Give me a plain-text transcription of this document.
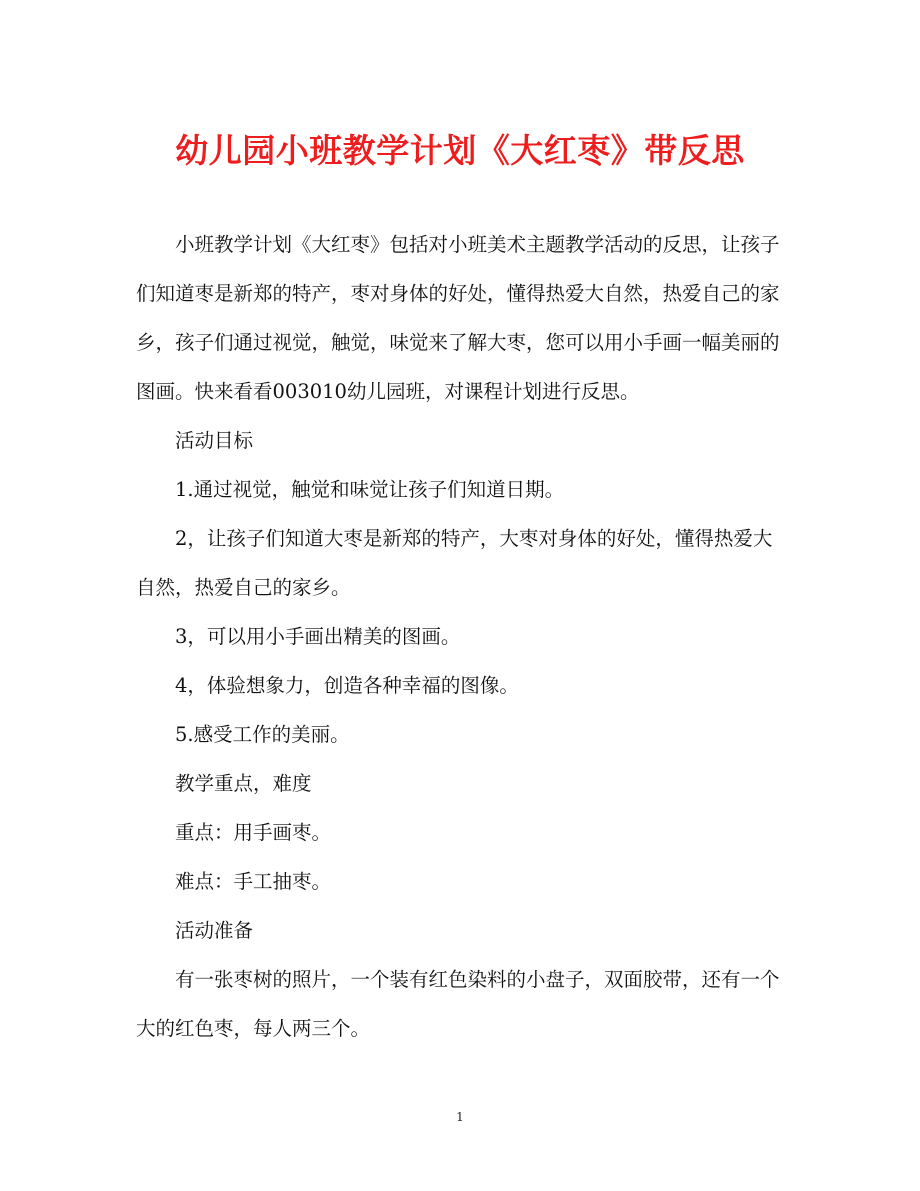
幼儿园小班教学计划《大红枣》带反思

小班教学计划《大红枣》包括对小班美术主题教学活动的反思，让孩子们知道枣是新郑的特产，枣对身体的好处，懂得热爱大自然，热爱自己的家乡，孩子们通过视觉，触觉，味觉来了解大枣，您可以用小手画一幅美丽的图画。快来看看003010幼儿园班，对课程计划进行反思。

活动目标

1.通过视觉，触觉和味觉让孩子们知道日期。

2，让孩子们知道大枣是新郑的特产，大枣对身体的好处，懂得热爱大自然，热爱自己的家乡。

3，可以用小手画出精美的图画。

4，体验想象力，创造各种幸福的图像。

5.感受工作的美丽。

教学重点，难度

重点：用手画枣。

难点：手工抽枣。

活动准备

有一张枣树的照片，一个装有红色染料的小盘子，双面胶带，还有一个大的红色枣，每人两三个。

1
